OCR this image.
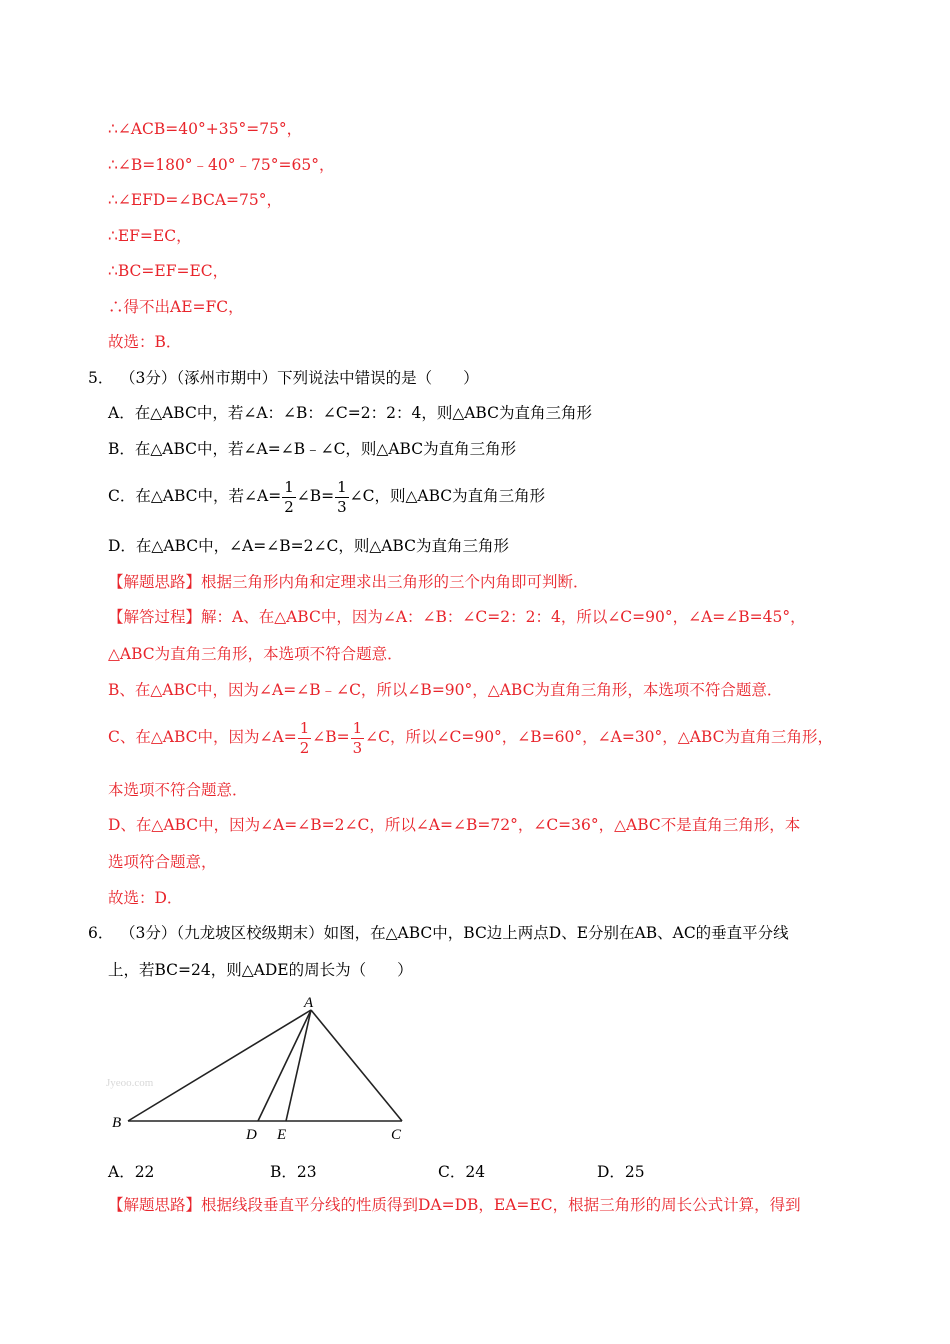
∴∠ACB=40°+35°=75°，
∴∠B=180°﹣40°﹣75°=65°，
∴∠EFD=∠BCA=75°，
∴EF=EC，
∴BC=EF=EC，
∴得不出AE=FC，
故选：B．
5． （3分）（涿州市期中）下列说法中错误的是（　　）
A．在△ABC中，若∠A：∠B：∠C=2：2：4，则△ABC为直角三角形
B．在△ABC中，若∠A=∠B﹣∠C，则△ABC为直角三角形
C．在△ABC中，若∠A= $\frac{1}{2}$ ∠B= $\frac{1}{3}$ ∠C，则△ABC为直角三角形
D．在△ABC中，∠A=∠B=2∠C，则△ABC为直角三角形
【解题思路】根据三角形内角和定理求出三角形的三个内角即可判断．
【解答过程】解：A、在△ABC中，因为∠A：∠B：∠C=2：2：4，所以∠C=90°，∠A=∠B=45°，
△ABC为直角三角形，本选项不符合题意．
B、在△ABC中，因为∠A=∠B﹣∠C，所以∠B=90°，△ABC为直角三角形，本选项不符合题意．
C、在△ABC中，因为∠A= $\frac{1}{2}$ ∠B= $\frac{1}{3}$ ∠C，所以∠C=90°，∠B=60°，∠A=30°，△ABC为直角三角形，
本选项不符合题意．
D、在△ABC中，因为∠A=∠B=2∠C，所以∠A=∠B=72°，∠C=36°，△ABC不是直角三角形，本
选项符合题意，
故选：D．
6． （3分）（九龙坡区校级期末）如图，在△ABC中，BC边上两点D、E分别在AB、AC的垂直平分线
上，若BC=24，则△ADE的周长为（　　）
Jyeoo.com
A
B
D E	C
A．22	B．23	C．24	D．25
【解题思路】根据线段垂直平分线的性质得到DA=DB，EA=EC，根据三角形的周长公式计算，得到
